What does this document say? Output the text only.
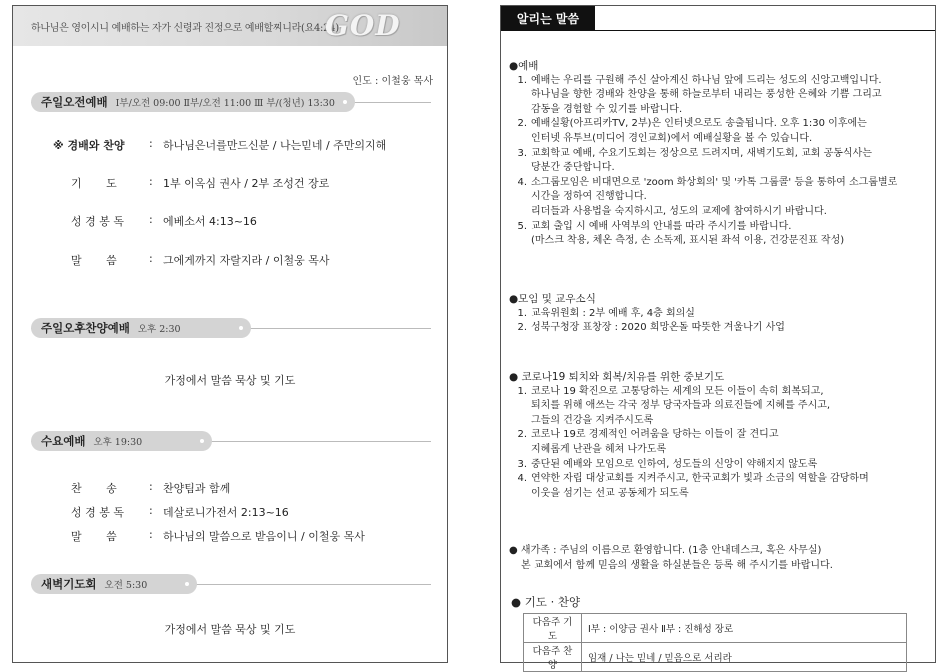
하나님은 영이시니 예배하는 자가 신령과 진정으로 예배할찌니라(요4:24)
GOD
인도 : 이철웅 목사
주일오전예배 Ⅰ부/오전 09:00 Ⅱ부/오전 11:00 Ⅲ 부/(청년) 13:30
※ 경배와 찬양	: 하나님은너를만드신분 / 나는믿네 / 주만의지해
기       도	: 1부 이옥심 권사 / 2부 조성건 장로
성 경 봉 독	: 에베소서 4:13~16
말       씀	: 그에게까지 자랄지라 / 이철웅 목사
주일오후찬양예배 오후 2:30
가정에서 말씀 묵상 및 기도
수요예배 오후 19:30
찬       송	: 찬양팀과 함께
성 경 봉 독	: 데살로니가전서 2:13~16
말       씀	: 하나님의 말씀으로 받음이니 / 이철웅 목사
새벽기도회 오전 5:30
가정에서 말씀 묵상 및 기도
알리는 말씀
●예배
1. 예배는 우리를 구원해 주신 살아계신 하나님 앞에 드리는 성도의 신앙고백입니다.
하나님을 향한 경배와 찬양을 통해 하늘로부터 내리는 풍성한 은혜와 기쁨 그리고
감동을 경험할 수 있기를 바랍니다.
2. 예배실황(아프리카TV, 2부)은 인터넷으로도 송출됩니다. 오후 1:30 이후에는
인터넷 유투브(미디어 경인교회)에서 예배실황을 볼 수 있습니다.
3. 교회학교 예배, 수요기도회는 정상으로 드려지며, 새벽기도회, 교회 공동식사는
당분간 중단합니다.
4. 소그룹모임은 비대면으로 'zoom 화상회의' 및 '카톡 그룹콜' 등을 통하여 소그룹별로
시간을 정하여 진행합니다.
리더들과 사용법을 숙지하시고, 성도의 교제에 참여하시기 바랍니다.
5. 교회 출입 시 예배 사역부의 안내를 따라 주시기를 바랍니다.
(마스크 착용, 체온 측정, 손 소독제, 표시된 좌석 이용, 건강문진표 작성)
●모임 및 교우소식
1. 교육위원회 : 2부 예배 후, 4층 회의실
2. 성북구청장 표창장 : 2020 희망온돌 따뜻한 겨울나기 사업
● 코로나19 퇴치와 회복/치유를 위한 중보기도
1. 코로나 19 확진으로 고통당하는 세계의 모든 이들이 속히 회복되고,
퇴치를 위해 애쓰는 각국 정부 당국자들과 의료진들에 지혜를 주시고,
그들의 건강을 지켜주시도록
2. 코로나 19로 경제적인 어려움을 당하는 이들이 잘 견디고
지혜롭게 난관을 헤쳐 나가도록
3. 중단된 예배와 모임으로 인하여, 성도들의 신앙이 약해지지 않도록
4. 연약한 자립 대상교회를 지켜주시고, 한국교회가 빛과 소금의 역할을 감당하며
이웃을 섬기는 선교 공동체가 되도록
● 새가족 : 주님의 이름으로 환영합니다. (1층 안내데스크, 혹은 사무실)
본 교회에서 함께 믿음의 생활을 하실분들은 등록 해 주시기를 바랍니다.
● 기도 · 찬양
다음주 기도	Ⅰ부 : 이양금 권사 Ⅱ부 : 진해성 장로
다음주 찬양	임재 / 나는 믿네 / 믿음으로 서리라
